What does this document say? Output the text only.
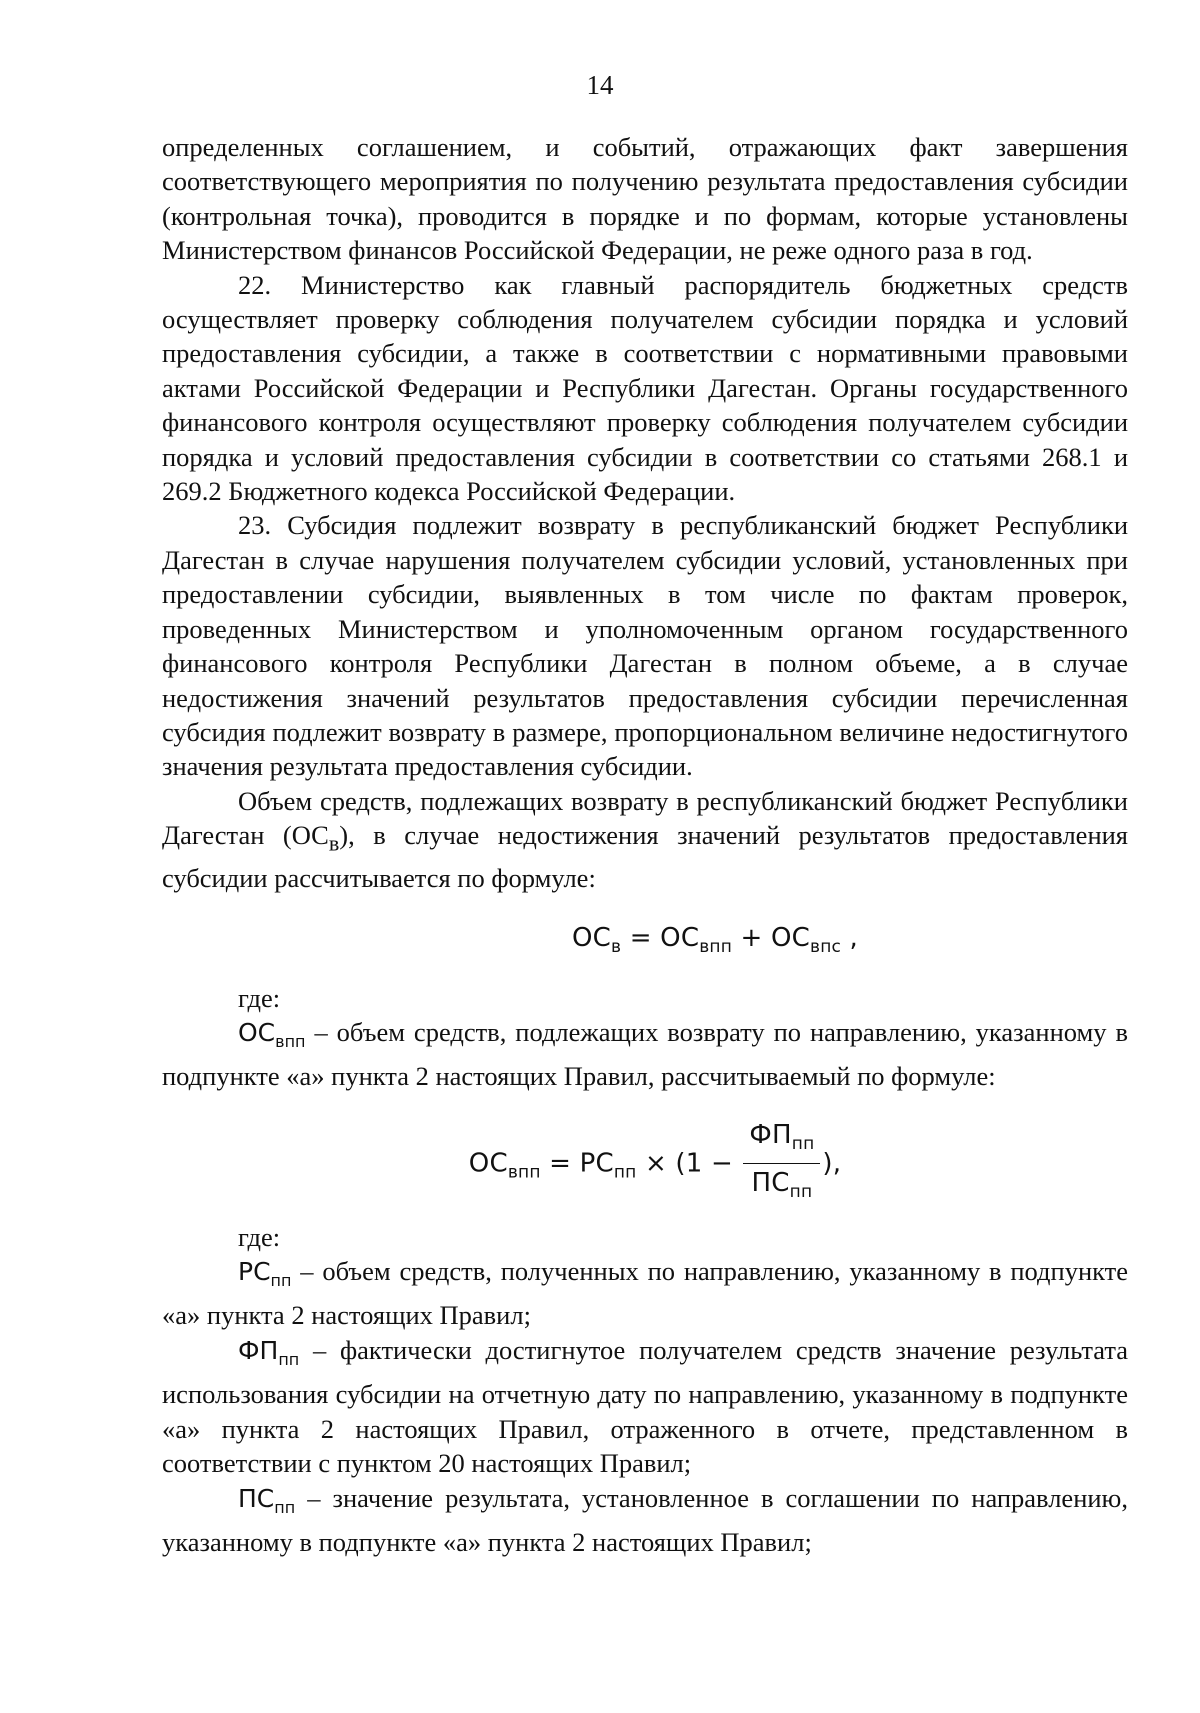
14

определенных соглашением, и событий, отражающих факт завершения соответствующего мероприятия по получению результата предоставления субсидии (контрольная точка), проводится в порядке и по формам, которые установлены Министерством финансов Российской Федерации, не реже одного раза в год.

22. Министерство как главный распорядитель бюджетных средств осуществляет проверку соблюдения получателем субсидии порядка и условий предоставления субсидии, а также в соответствии с нормативными правовыми актами Российской Федерации и Республики Дагестан. Органы государственного финансового контроля осуществляют проверку соблюдения получателем субсидии порядка и условий предоставления субсидии в соответствии со статьями 268.1 и 269.2 Бюджетного кодекса Российской Федерации.

23. Субсидия подлежит возврату в республиканский бюджет Республики Дагестан в случае нарушения получателем субсидии условий, установленных при предоставлении субсидии, выявленных в том числе по фактам проверок, проведенных Министерством и уполномоченным органом государственного финансового контроля Республики Дагестан в полном объеме, а в случае недостижения значений результатов предоставления субсидии перечисленная субсидия подлежит возврату в размере, пропорциональном величине недостигнутого значения результата предоставления субсидии.

Объем средств, подлежащих возврату в республиканский бюджет Республики Дагестан $(ОС_в)$, в случае недостижения значений результатов предоставления субсидии рассчитывается по формуле:

$ОС_в = ОС_{впп} + ОС_{впс}$ ,

где:

$ОС_{впп}$ – объем средств, подлежащих возврату по направлению, указанному в подпункте «а» пункта 2 настоящих Правил, рассчитываемый по формуле:

$ОС_{впп} = РС_{пп} \times (1 - \frac{ФП_{пп}}{ПС_{пп}}$ ),

где:

$РС_{пп}$ – объем средств, полученных по направлению, указанному в подпункте «а» пункта 2 настоящих Правил;

$ФП_{пп}$ – фактически достигнутое получателем средств значение результата использования субсидии на отчетную дату по направлению, указанному в подпункте «а» пункта 2 настоящих Правил, отраженного в отчете, представленном в соответствии с пунктом 20 настоящих Правил;

$ПС_{пп}$ – значение результата, установленное в соглашении по направлению, указанному в подпункте «а» пункта 2 настоящих Правил;
